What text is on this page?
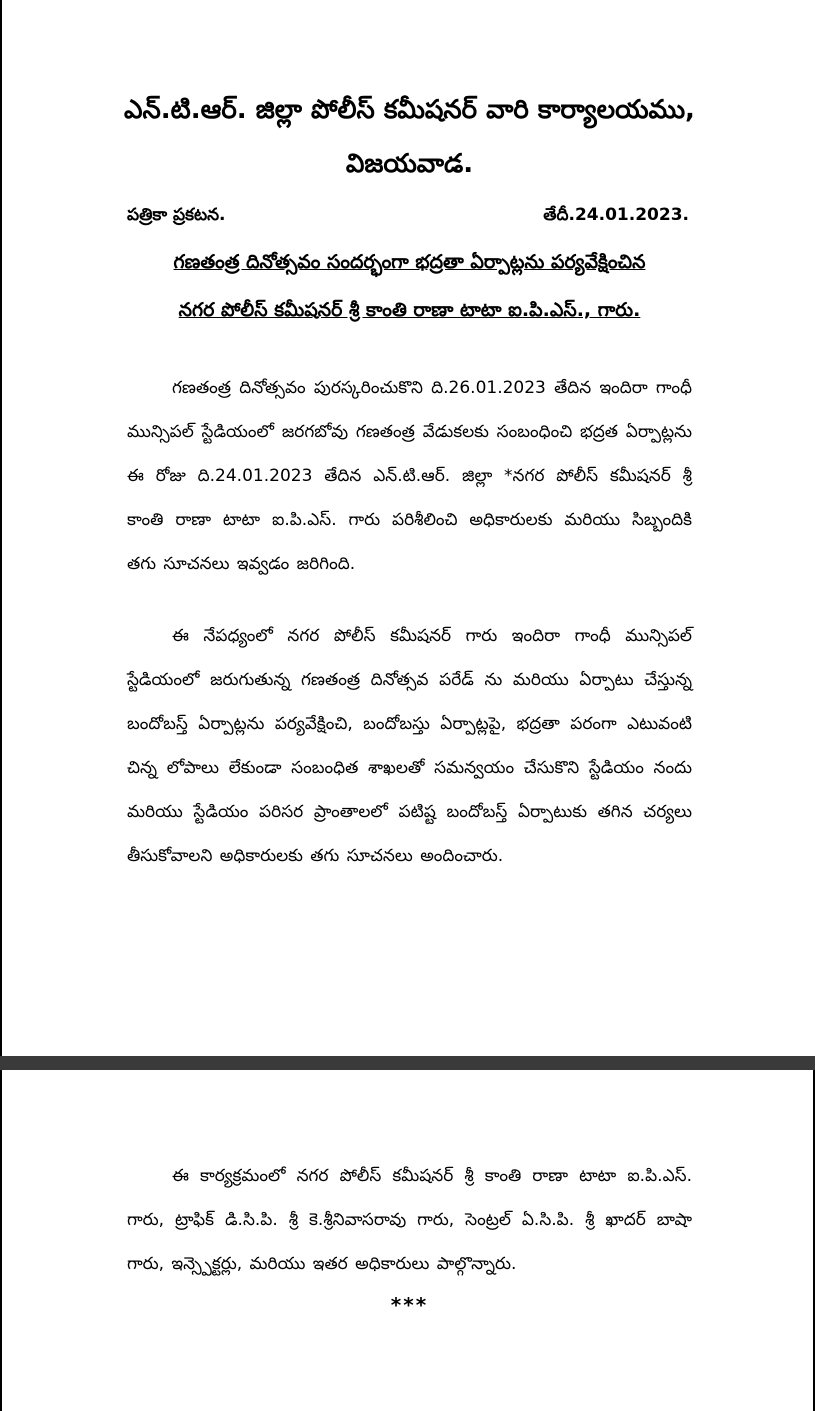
ఎన్.టి.ఆర్. జిల్లా పోలీస్ కమీషనర్ వారి కార్యాలయము,
విజయవాడ.
పత్రికా ప్రకటన.	తేదీ.24.01.2023.
గణతంత్ర దినోత్సవం సందర్భంగా భద్రతా ఏర్పాట్లను పర్యవేక్షించిన
నగర పోలీస్ కమీషనర్ శ్రీ కాంతి రాణా టాటా ఐ.పి.ఎస్., గారు.
గణతంత్ర దినోత్సవం పురస్కరించుకొని ది.26.01.2023 తేదిన ఇందిరా గాంధీ మున్సిపల్ స్టేడియంలో జరగబోవు గణతంత్ర వేడుకలకు సంబంధించి భద్రత ఏర్పాట్లను ఈ రోజు ది.24.01.2023 తేదిన ఎన్.టి.ఆర్. జిల్లా *నగర పోలీస్ కమీషనర్ శ్రీ కాంతి రాణా టాటా ఐ.పి.ఎస్. గారు పరిశీలించి అధికారులకు మరియు సిబ్బందికి తగు సూచనలు ఇవ్వడం జరిగింది.
ఈ నేపధ్యంలో నగర పోలీస్ కమీషనర్ గారు ఇందిరా గాంధీ మున్సిపల్ స్టేడియంలో జరుగుతున్న గణతంత్ర దినోత్సవ పరేడ్ ను మరియు ఏర్పాటు చేస్తున్న బందోబస్త్ ఏర్పాట్లను పర్యవేక్షించి, బందోబస్తు ఏర్పాట్లపై, భద్రతా పరంగా ఎటువంటి చిన్న లోపాలు లేకుండా సంబంధిత శాఖలతో సమన్వయం చేసుకొని స్టేడియం నందు మరియు స్టేడియం పరిసర ప్రాంతాలలో పటిష్ట బందోబస్త్ ఏర్పాటుకు తగిన చర్యలు తీసుకోవాలని అధికారులకు తగు సూచనలు అందించారు.
ఈ కార్యక్రమంలో నగర పోలీస్ కమీషనర్ శ్రీ కాంతి రాణా టాటా ఐ.పి.ఎస్. గారు, ట్రాఫిక్ డి.సి.పి. శ్రీ కె.శ్రీనివాసరావు గారు, సెంట్రల్ ఏ.సి.పి. శ్రీ ఖాదర్ బాషా గారు, ఇన్స్పెక్టర్లు, మరియు ఇతర అధికారులు పాల్గొన్నారు.
***
